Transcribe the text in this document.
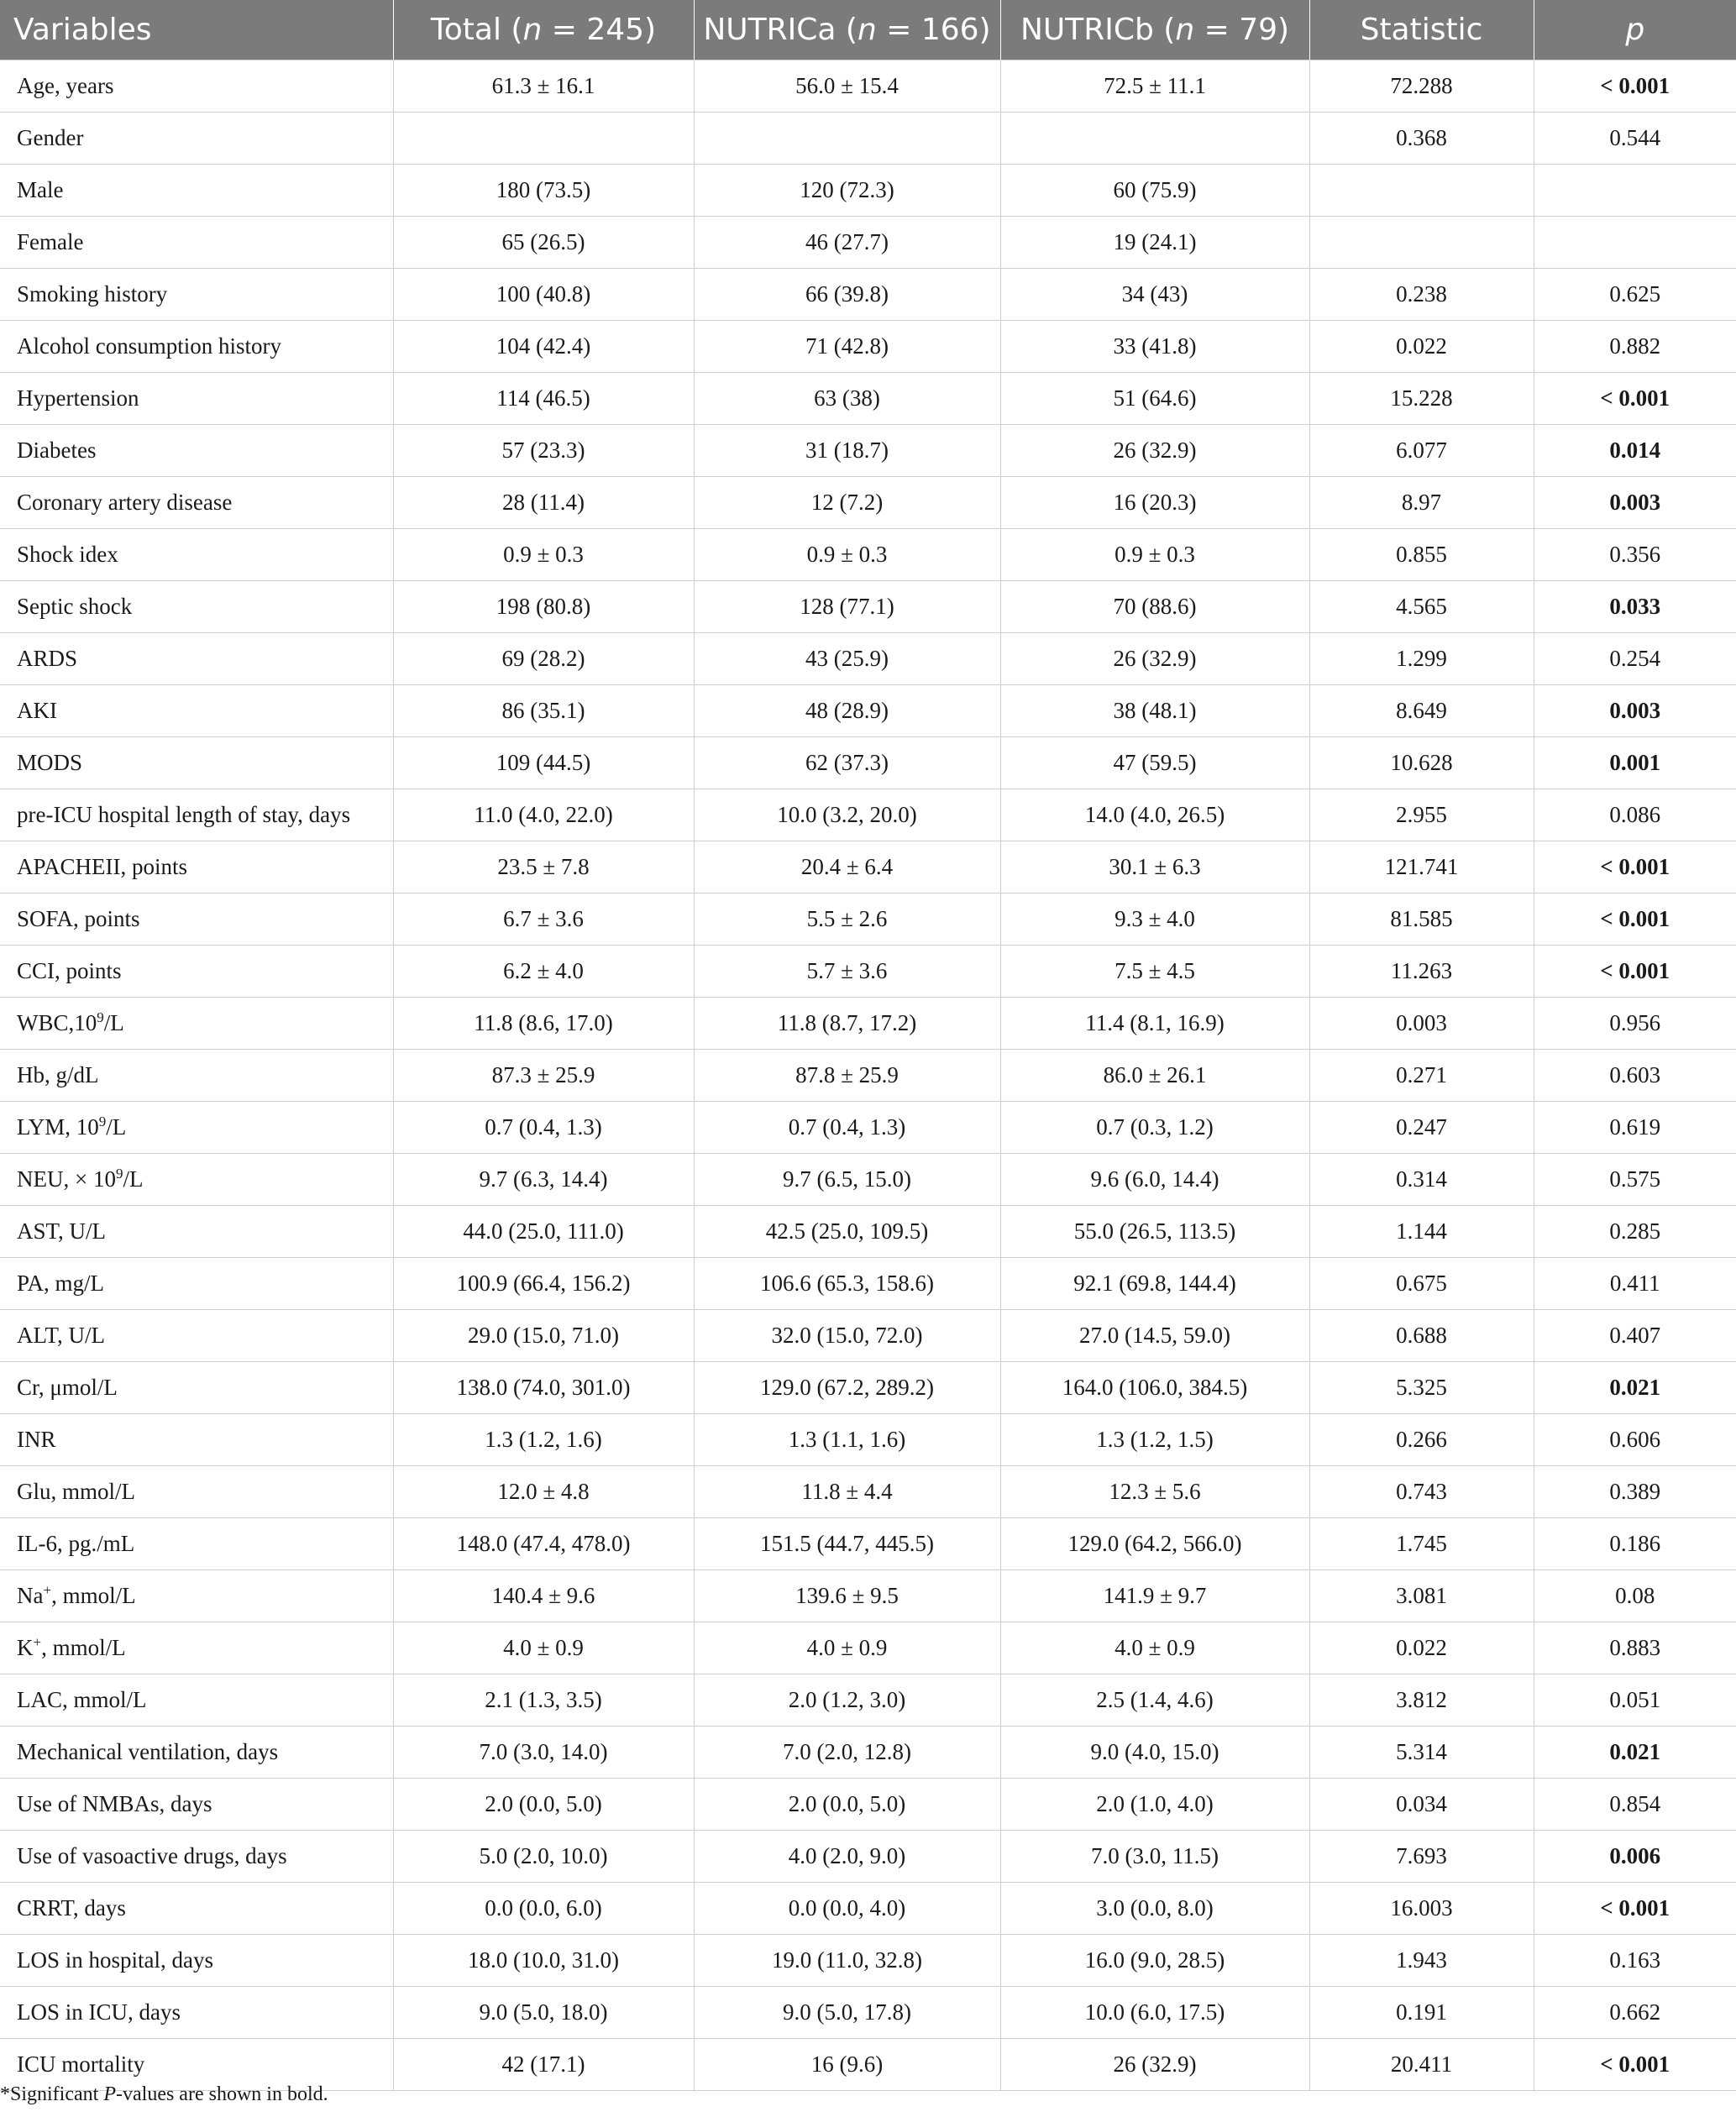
Variables	Total (n = 245)	NUTRICa (n = 166)	NUTRICb (n = 79)	Statistic	p
Age, years	61.3 ± 16.1	56.0 ± 15.4	72.5 ± 11.1	72.288	< 0.001
Gender				0.368	0.544
Male	180 (73.5)	120 (72.3)	60 (75.9)		
Female	65 (26.5)	46 (27.7)	19 (24.1)		
Smoking history	100 (40.8)	66 (39.8)	34 (43)	0.238	0.625
Alcohol consumption history	104 (42.4)	71 (42.8)	33 (41.8)	0.022	0.882
Hypertension	114 (46.5)	63 (38)	51 (64.6)	15.228	< 0.001
Diabetes	57 (23.3)	31 (18.7)	26 (32.9)	6.077	0.014
Coronary artery disease	28 (11.4)	12 (7.2)	16 (20.3)	8.97	0.003
Shock idex	0.9 ± 0.3	0.9 ± 0.3	0.9 ± 0.3	0.855	0.356
Septic shock	198 (80.8)	128 (77.1)	70 (88.6)	4.565	0.033
ARDS	69 (28.2)	43 (25.9)	26 (32.9)	1.299	0.254
AKI	86 (35.1)	48 (28.9)	38 (48.1)	8.649	0.003
MODS	109 (44.5)	62 (37.3)	47 (59.5)	10.628	0.001
pre-ICU hospital length of stay, days	11.0 (4.0, 22.0)	10.0 (3.2, 20.0)	14.0 (4.0, 26.5)	2.955	0.086
APACHEII, points	23.5 ± 7.8	20.4 ± 6.4	30.1 ± 6.3	121.741	< 0.001
SOFA, points	6.7 ± 3.6	5.5 ± 2.6	9.3 ± 4.0	81.585	< 0.001
CCI, points	6.2 ± 4.0	5.7 ± 3.6	7.5 ± 4.5	11.263	< 0.001
$WBC,10^9/L$	11.8 (8.6, 17.0)	11.8 (8.7, 17.2)	11.4 (8.1, 16.9)	0.003	0.956
Hb, g/dL	87.3 ± 25.9	87.8 ± 25.9	86.0 ± 26.1	0.271	0.603
LYM, $10^9/L$	0.7 (0.4, 1.3)	0.7 (0.4, 1.3)	0.7 (0.3, 1.2)	0.247	0.619
NEU, × $10^9/L$	9.7 (6.3, 14.4)	9.7 (6.5, 15.0)	9.6 (6.0, 14.4)	0.314	0.575
AST, U/L	44.0 (25.0, 111.0)	42.5 (25.0, 109.5)	55.0 (26.5, 113.5)	1.144	0.285
PA, mg/L	100.9 (66.4, 156.2)	106.6 (65.3, 158.6)	92.1 (69.8, 144.4)	0.675	0.411
ALT, U/L	29.0 (15.0, 71.0)	32.0 (15.0, 72.0)	27.0 (14.5, 59.0)	0.688	0.407
Cr, μmol/L	138.0 (74.0, 301.0)	129.0 (67.2, 289.2)	164.0 (106.0, 384.5)	5.325	0.021
INR	1.3 (1.2, 1.6)	1.3 (1.1, 1.6)	1.3 (1.2, 1.5)	0.266	0.606
Glu, mmol/L	12.0 ± 4.8	11.8 ± 4.4	12.3 ± 5.6	0.743	0.389
IL-6, pg./mL	148.0 (47.4, 478.0)	151.5 (44.7, 445.5)	129.0 (64.2, 566.0)	1.745	0.186
Na+, mmol/L	140.4 ± 9.6	139.6 ± 9.5	141.9 ± 9.7	3.081	0.08
K+, mmol/L	4.0 ± 0.9	4.0 ± 0.9	4.0 ± 0.9	0.022	0.883
LAC, mmol/L	2.1 (1.3, 3.5)	2.0 (1.2, 3.0)	2.5 (1.4, 4.6)	3.812	0.051
Mechanical ventilation, days	7.0 (3.0, 14.0)	7.0 (2.0, 12.8)	9.0 (4.0, 15.0)	5.314	0.021
Use of NMBAs, days	2.0 (0.0, 5.0)	2.0 (0.0, 5.0)	2.0 (1.0, 4.0)	0.034	0.854
Use of vasoactive drugs, days	5.0 (2.0, 10.0)	4.0 (2.0, 9.0)	7.0 (3.0, 11.5)	7.693	0.006
CRRT, days	0.0 (0.0, 6.0)	0.0 (0.0, 4.0)	3.0 (0.0, 8.0)	16.003	< 0.001
LOS in hospital, days	18.0 (10.0, 31.0)	19.0 (11.0, 32.8)	16.0 (9.0, 28.5)	1.943	0.163
LOS in ICU, days	9.0 (5.0, 18.0)	9.0 (5.0, 17.8)	10.0 (6.0, 17.5)	0.191	0.662
ICU mortality	42 (17.1)	16 (9.6)	26 (32.9)	20.411	< 0.001
*Significant P-values are shown in bold.
